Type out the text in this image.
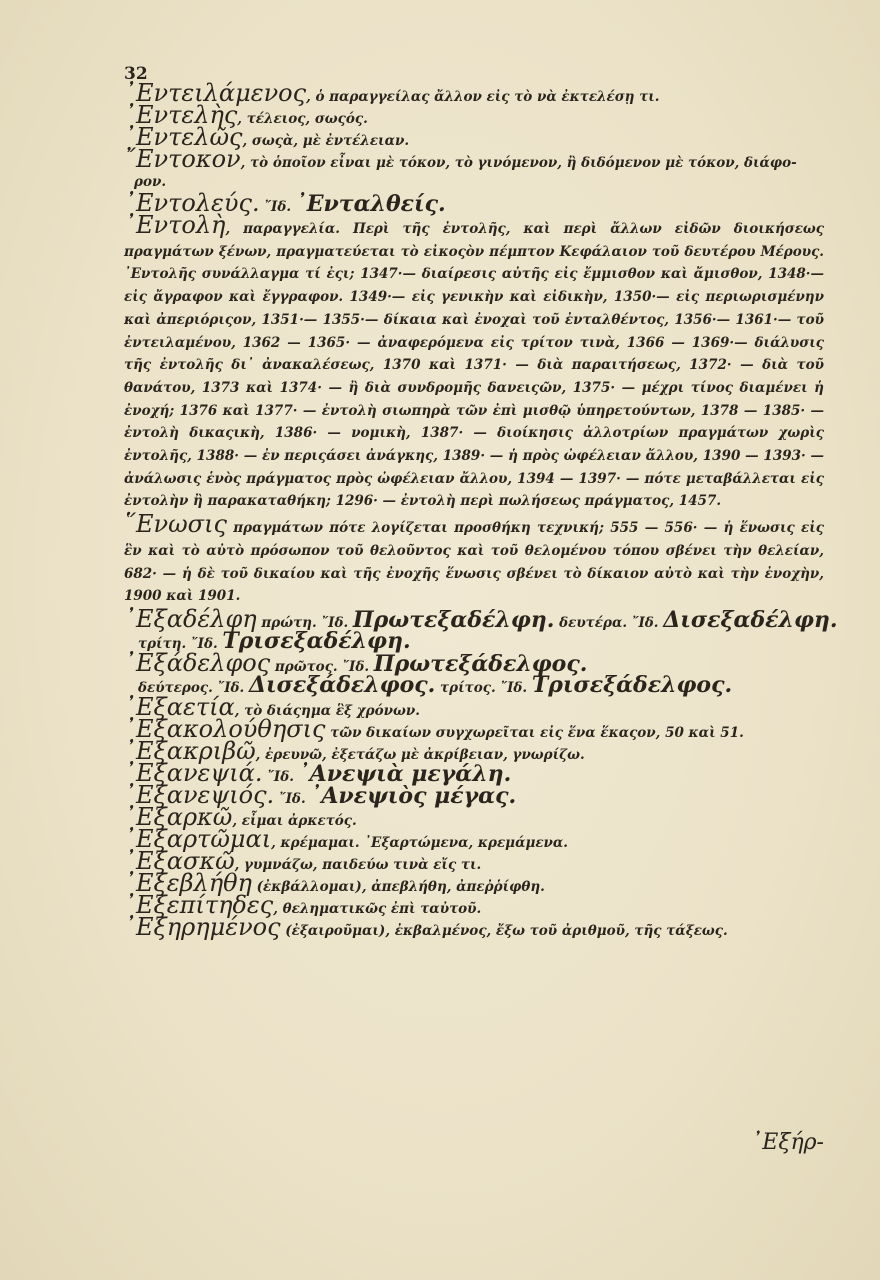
32

᾿Εντειλάμενος, ὁ παραγγείλας ἄλλον εἰς τὸ νὰ ἐκτελέσῃ τι.

᾿Εντελὴς, τέλειος, σωςός.

᾿Εντελῶς, σωςὰ, μὲ ἐντέλειαν.

῎Εντοκον, τὸ ὁποῖον εἶναι μὲ τόκον, τὸ γινόμενον, ἢ διδόμενον μὲ τόκον, διάφο-

ρον.

᾿Εντολεύς. ῎Ιδ. ᾿Ενταλθείς.

᾿Εντολὴ, παραγγελία. Περὶ τῆς ἐντολῆς, καὶ περὶ ἄλλων εἰδῶν διοικήσεως πραγμάτων ξένων, πραγματεύεται τὸ εἰκοςὸν πέμπτον Κεφάλαιον τοῦ δευτέρου Μέρους. ᾿Εντολῆς συνάλλαγμα τί ἐςι; 1347·— διαίρεσις αὐτῆς εἰς ἔμμισθον καὶ ἄμισθον, 1348·— εἰς ἄγραφον καὶ ἔγγραφον. 1349·— εἰς γενικὴν καὶ εἰδικὴν, 1350·— εἰς περιωρισμένην καὶ ἀπεριόριςον, 1351·— 1355·— δίκαια καὶ ἐνοχαὶ τοῦ ἐνταλθέντος, 1356·— 1361·— τοῦ ἐντειλαμένου, 1362 — 1365· — ἀναφερόμενα εἰς τρίτον τινὰ, 1366 — 1369·— διάλυσις τῆς ἐντολῆς δι᾿ ἀνακαλέσεως, 1370 καὶ 1371· — διὰ παραιτήσεως, 1372· — διὰ τοῦ θανάτου, 1373 καὶ 1374· — ἢ διὰ συνδρομῆς δανειςῶν, 1375· — μέχρι τίνος διαμένει ἡ ἐνοχή; 1376 καὶ 1377· — ἐντολὴ σιωπηρὰ τῶν ἐπὶ μισθῷ ὑπηρετούντων, 1378 — 1385· — ἐντολὴ δικαςικὴ, 1386· — νομικὴ, 1387· — διοίκησις ἀλλοτρίων πραγμάτων χωρὶς ἐντολῆς, 1388· — ἐν περιςάσει ἀνάγκης, 1389· — ἡ πρὸς ὠφέλειαν ἄλλου, 1390 — 1393· — ἀνάλωσις ἑνὸς πράγματος πρὸς ὠφέλειαν ἄλλου, 1394 — 1397· — πότε μεταβάλλεται εἰς ἐντολὴν ἢ παρακαταθήκη; 1296· — ἐντολὴ περὶ πωλήσεως πράγματος, 1457.

῞Ενωσις πραγμάτων πότε λογίζεται προσθήκη τεχνική; 555 — 556· — ἡ ἕνωσις εἰς ἓν καὶ τὸ αὐτὸ πρόσωπον τοῦ θελοῦντος καὶ τοῦ θελομένου τόπου σβένει τὴν θελείαν, 682· — ἡ δὲ τοῦ δικαίου καὶ τῆς ἐνοχῆς ἕνωσις σβένει τὸ δίκαιον αὐτὸ καὶ τὴν ἐνοχὴν, 1900 καὶ 1901.

᾿Εξαδέλφη πρώτη. ῎Ιδ. Πρωτεξαδέλφη. δευτέρα. ῎Ιδ. Δισεξαδέλφη.

τρίτη. ῎Ιδ. Τρισεξαδέλφη.

᾿Εξάδελφος πρῶτος. ῎Ιδ. Πρωτεξάδελφος.

δεύτερος. ῎Ιδ. Δισεξάδελφος. τρίτος. ῎Ιδ. Τρισεξάδελφος.

᾿Εξαετία, τὸ διάςημα ἓξ χρόνων.

᾿Εξακολούθησις τῶν δικαίων συγχωρεῖται εἰς ἕνα ἕκαςον, 50 καὶ 51.

᾿Εξακριβῶ, ἐρευνῶ, ἐξετάζω μὲ ἀκρίβειαν, γνωρίζω.

᾿Εξανεψιά. ῎Ιδ. ᾿Ανεψιὰ μεγάλη.

᾿Εξανεψιός. ῎Ιδ. ᾿Ανεψιὸς μέγας.

᾿Εξαρκῶ, εἶμαι ἀρκετός.

᾿Εξαρτῶμαι, κρέμαμαι. ᾿Εξαρτώμενα, κρεμάμενα.

᾿Εξασκῶ, γυμνάζω, παιδεύω τινὰ εἴς τι.

᾿Εξεβλήθη (ἐκβάλλομαι), ἀπεβλήθη, ἀπεῤῥίφθη.

᾿Εξεπίτηδες, θεληματικῶς ἐπὶ ταὐτοῦ.

᾿Εξηρημένος (ἐξαιροῦμαι), ἐκβαλμένος, ἔξω τοῦ ἀριθμοῦ, τῆς τάξεως.

᾿Εξήρ-
